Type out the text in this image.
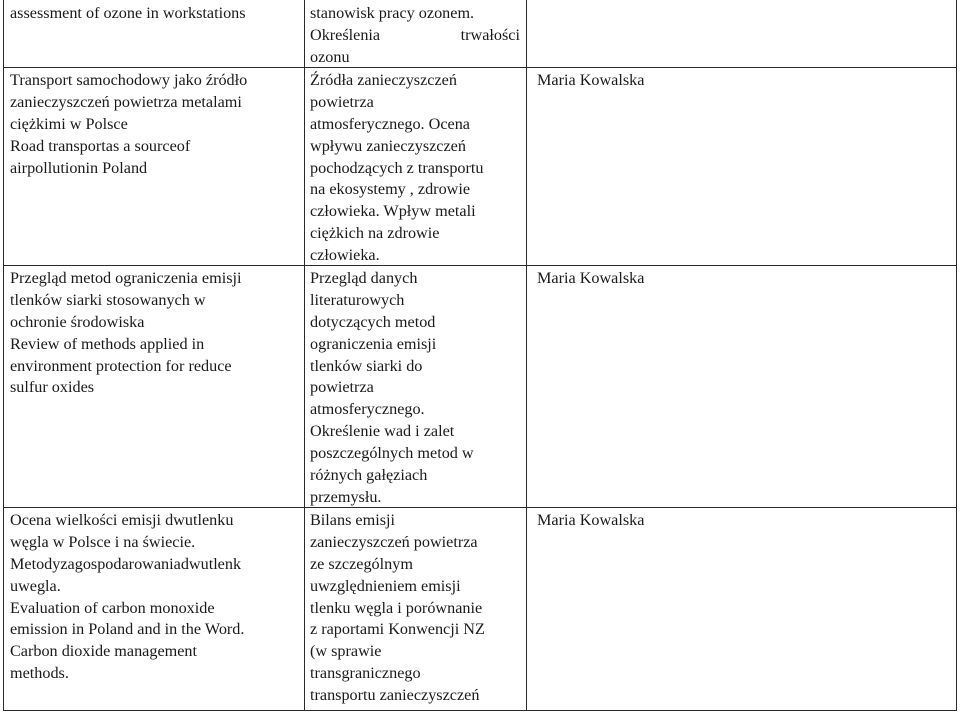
assessment of ozone in workstations	stanowisk pracy ozonem.
Określenia	trwałości
ozonu
Transport samochodowy jako źródło
zanieczyszczeń powietrza metalami
ciężkimi w Polsce
Road transportas a sourceof
airpollutionin Poland
Źródła zanieczyszczeń
powietrza
atmosferycznego. Ocena
wpływu zanieczyszczeń
pochodzących z transportu
na ekosystemy , zdrowie
człowieka. Wpływ metali
ciężkich na zdrowie
człowieka.
Maria Kowalska
Przegląd metod ograniczenia emisji
tlenków siarki stosowanych w
ochronie środowiska
Review of methods applied in
environment protection for reduce
sulfur oxides
Przegląd danych
literaturowych
dotyczących metod
ograniczenia emisji
tlenków siarki do
powietrza
atmosferycznego.
Określenie wad i zalet
poszczególnych metod w
różnych gałęziach
przemysłu.
Maria Kowalska
Ocena wielkości emisji dwutlenku
węgla w Polsce i na świecie.
Metodyzagospodarowaniadwutlenk
uwegla.
Evaluation of carbon monoxide
emission in Poland and in the Word.
Carbon dioxide management
methods.
Bilans emisji
zanieczyszczeń powietrza
ze szczególnym
uwzględnieniem emisji
tlenku węgla i porównanie
z raportami Konwencji NZ
(w sprawie
transgranicznego
transportu zanieczyszczeń
Maria Kowalska
